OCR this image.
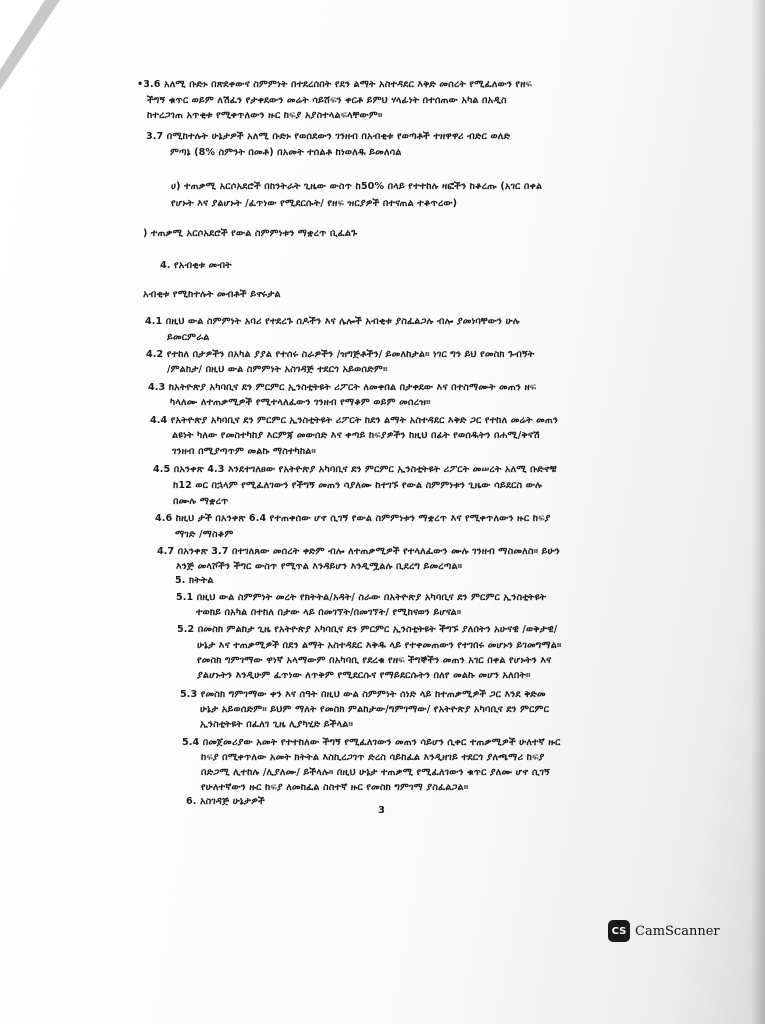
•3.6 አለሚ ቡድኑ በጽደቀውና ስምምነት በተደረሰበት የደን ልማት አስተዳደር እቅድ መሰረት የሚፈለውን የዘፍ
ችግኝ ቁጥር ወይም ለሽፈን የታቀደውን መሬት ሳይሸፍን ቀርቶ ይምህ ሃላፊነት በተሰጠው አካል በአዲስ
ከተረጋገጠ አጥቂቱ የሚቀጥለውን ዙር ከፍያ አያስተላልፍላቸውም።
3.7 በሚከተሉት ሁኔታዎች አለሚ ቡድኑ የወሰደውን ገንዘብ በአብቂቱ የወጣቶች ተዘዋዋሪ ብድር ወለድ
ምጣኔ (8% ስምንት በመቶ) በአመት ተሰልቶ ከነወለዱ ይመለሳል
ሀ) ተጠቃሚ አርሶአደሮች በከንትራት ጊዜው ውስጥ ከ50% በላይ የተተከሉ ዛፎችን ከቆረጡ (አገር በቀል
የሆኑት እና ያልሆኑት /ፈጥነው የሚደርሱት/ የዘፍ ዝርያዎች በተናጠል ተቆጥረው)
) ተጠቃሚ አርሶአደሮች የውል ስምምነቱን ማቋረጥ ቢፈልጉ
4. የአብቂቱ መብት
አብቂቱ የሚከተሉት መብቶች ይኖሩታል
4.1 በዚህ ውል ስምምነት አባሪ የተደረጉ ሰዶችን እና ሌሎች አብቂቱ ያስፈልጋሉ ብሎ ያመነባቸውን ሁሉ
ይመርምራል
4.2 የተከለ በታዎችን በአካል ያያል የተሰሩ ስራዎችን /ዝግጅቶችን/ ይመለከታል። ነገር ግን ይህ የመስክ ጉብኝት
/ምልከታ/ በዚህ ውል ስምምነት አስገዳጅ ተደርጎ አይወሰድም።
4.3 ከአትዮጵያ አካባቢና ደን ምርምር ኢንስቲትዩት ሪፖርት ለመቀበል በታቀደው እና በተስማሙት መጠን ዘፍ
ካላለሙ ለተጠቃሚዎች የሚተላለፈውን ገንዘብ የማቆም ወይም መሰረዝ።
4.4 የአትዮጵያ አካባቢና ደን ምርምር ኢንስቲትዩት ሪፖርት ከደን ልማት አስተዳደር እቅድ ጋር የተከለ መሬት መጠን
ልዩነት ካለው የመስተካከያ እርምጃ መውሰድ እና ቀጣይ ከፍያዎችን ከዚህ በፊት የወሰዱትን በሐሚ/ቅናሽ
ገንዘብ በሚያጣጥም መልኩ ማስተካከል።
4.5 በአንቀጽ 4.3 እንደተገለፀው የአትዮጵያ አካባቢና ደን ምርምር ኢንስቲትዩት ሪፖርት መሠረት አለሚ ቡድኖቹ
ከ12 ወር በኋላም የሚፈለገውን የችግኝ መጠን ሳያለሙ ከተገኙ የውል ስምምነቱን ጊዜው ሳይደርስ ውሉ
በሙሉ ማቋረጥ
4.6 ከዚህ ታች በአንቀጽ 6.4 የተጠቀሰው ሆኖ ሲገኝ የውል ስምምነቱን ማቋረጥ እና የሚቀጥለውን ዙር ከፍያ
ማገድ /ማስቆም
4.7 በአንቀጽ 3.7 በተገለጸው መሰረት ቀድም ብሎ ለተጠቃሚዎች የተላለፈውን ሙሉ ገንዘብ ማስመለስ። ይሁን
እንጅ መላሾችን ችግር ውስጥ የሚጥል እንዳይሆን እንዲሟልሉ ቢደረግ ይመረጣል።
5. ክትትል
5.1 በዚህ ውል ስምምነት መረት የክትትል/አዳት/ ስራው በአትዮጵያ አካባቢና ደን ምርምር ኢንስቲትዩት
ተወክይ በአካል በተከለ በታው ላይ በመገኘት/በመገኘት/ የሚከናወን ይሆናል።
5.2 በመስክ ምልከታ ጊዜ የአትዮጵያ አካባቢና ደን ምርምር ኢንስቲትዩት ችግኙ ያለበትን አሁናዊ /ወቅታዊ/
ሁኔታ እና ተጠቃሚዎች በደን ልማት አስተዳደር እቅዱ ላይ የተቀመጠውን የተገበሩ መሆኑን ይገመግማል።
የመስክ ግምገማው ዋነኛ አላማውም በአካባቢ የደረቁ የዘፍ ችግኞችን መጠን አገር በቀል የሆኑትን እና
ያልሆኑትን እንዲሁም ፈጥነው ለጥቅም የሚደርሱና የማይደርሱትን በለየ መልኩ መሆን አለበት።
5.3 የመስክ ግምገማው ቀን እና ሰዓት በዚህ ውል ስምምነት ሰነድ ላይ ከተጠቃሚዎች ጋር እንደ ቅድመ
ሁኔታ አይወሰድም። ይህም ማለት የመስክ ምልከታው/ግምገማው/ የአትዮጵያ አካባቢና ደን ምርምር
ኢንስቲትዩት በፈለገ ጊዜ ሊያካሂድ ይችላል።
5.4 በመጀመሪያው አመት የተተከለው ችግኝ የሚፈለገውን መጠን ሳይሆን ሲቀር ተጠቃሚዎች ሁለተኛ ዙር
ከፍያ በሚቀጥለው አመት ክትትል እስኪረጋገጥ ድረስ ሳይከፈል እንዲዘገይ ተደርጎ ያለጫማሪ ከፍያ
በድጋሚ ሊተከሉ /ሊያለሙ/ ይችላሉ። በዚህ ሁኔታ ተጠቃሚ የሚፈለገውን ቁጥር ያለሙ ሆኖ ሲገኝ
የሁለተኛውን ዙር ከፍያ ለመከፈል ስስተኛ ዙር የመስክ ግምገማ ያስፈልጋል።
6. አስገዳጅ ሁኔታዎች
3
CS CamScanner
